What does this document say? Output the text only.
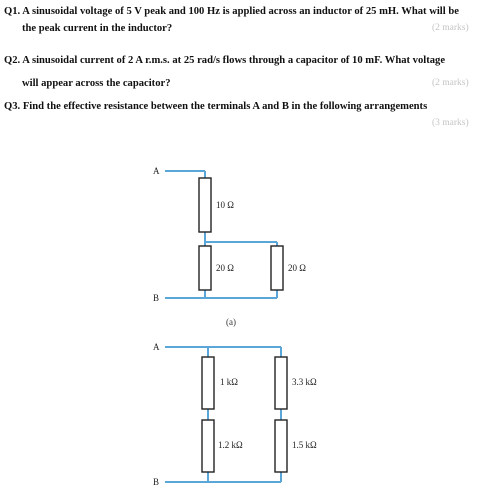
Q1. A sinusoidal voltage of 5 V peak and 100 Hz is applied across an inductor of 25 mH. What will be
the peak current in the inductor?	(2 marks)
Q2. A sinusoidal current of 2 A r.m.s. at 25 rad/s flows through a capacitor of 10 mF. What voltage
will appear across the capacitor?	(2 marks)
Q3. Find the effective resistance between the terminals A and B in the following arrangements
(3 marks)
A
B
10 Ω
20 Ω	20 Ω
(a)
A
B
1 kΩ	3.3 kΩ
1.2 kΩ	1.5 kΩ
